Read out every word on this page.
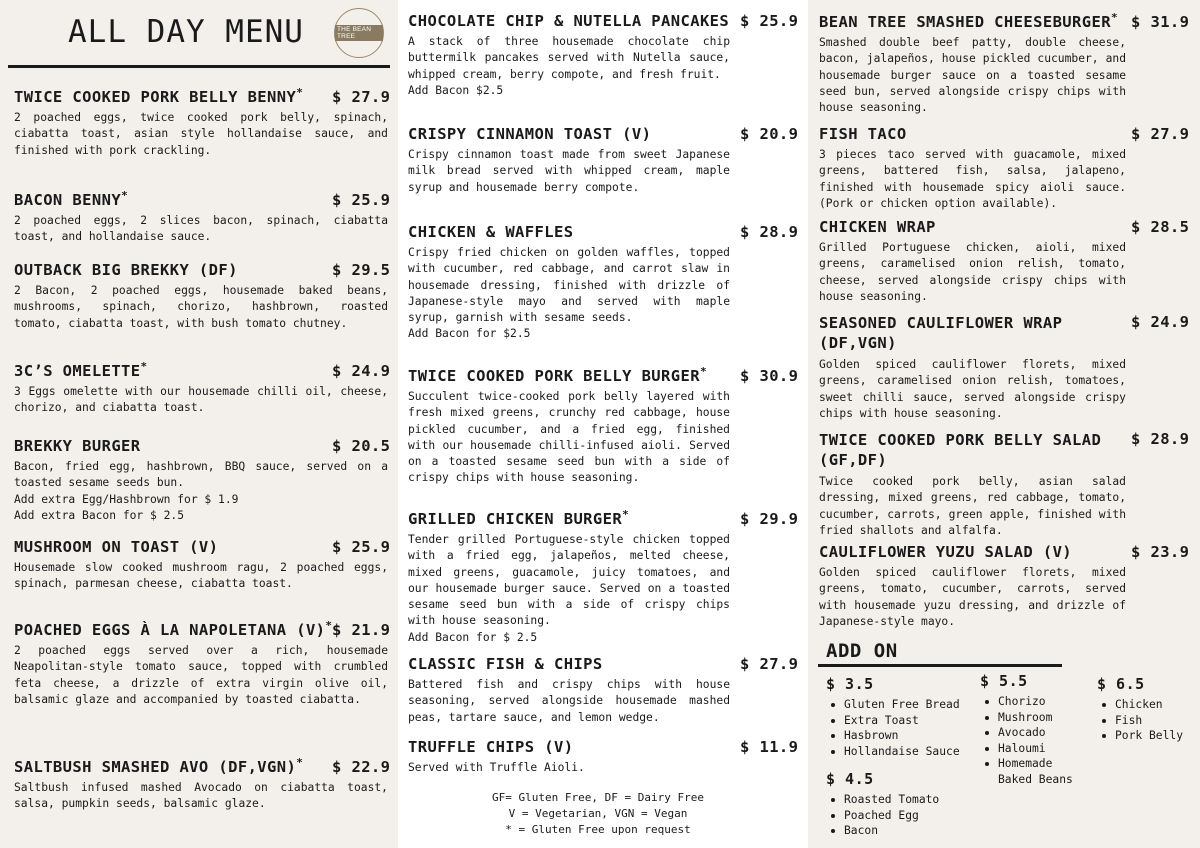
ALL DAY MENU	THE BEAN TREE
TWICE COOKED PORK BELLY BENNY* $ 27.9
2 poached eggs, twice cooked pork belly, spinach, ciabatta toast, asian style hollandaise sauce, and finished with pork crackling.
BACON BENNY*	$ 25.9
2 poached eggs, 2 slices bacon, spinach, ciabatta toast, and hollandaise sauce.
OUTBACK BIG BREKKY (DF)	$ 29.5
2 Bacon, 2 poached eggs, housemade baked beans, mushrooms, spinach, chorizo, hashbrown, roasted tomato, ciabatta toast, with bush tomato chutney.
3C’S OMELETTE*	$ 24.9
3 Eggs omelette with our housemade chilli oil, cheese, chorizo, and ciabatta toast.
BREKKY BURGER	$ 20.5
Bacon, fried egg, hashbrown, BBQ sauce, served on a toasted sesame seeds bun.
Add extra Egg/Hashbrown for $ 1.9
Add extra Bacon for $ 2.5
MUSHROOM ON TOAST (V)	$ 25.9
Housemade slow cooked mushroom ragu, 2 poached eggs, spinach, parmesan cheese, ciabatta toast.
POACHED EGGS À LA NAPOLETANA (V)* $ 21.9
2 poached eggs served over a rich, housemade Neapolitan-style tomato sauce, topped with crumbled feta cheese, a drizzle of extra virgin olive oil, balsamic glaze and accompanied by toasted ciabatta.
SALTBUSH SMASHED AVO (DF,VGN)* $ 22.9
Saltbush infused mashed Avocado on ciabatta toast, salsa, pumpkin seeds, balsamic glaze.
CHOCOLATE CHIP & NUTELLA PANCAKES $ 25.9
A stack of three housemade chocolate chip buttermilk pancakes served with Nutella sauce, whipped cream, berry compote, and fresh fruit.
Add Bacon $2.5
CRISPY CINNAMON TOAST (V)	$ 20.9
Crispy cinnamon toast made from sweet Japanese milk bread served with whipped cream, maple syrup and housemade berry compote.
CHICKEN & WAFFLES	$ 28.9
Crispy fried chicken on golden waffles, topped with cucumber, red cabbage, and carrot slaw in housemade dressing, finished with drizzle of Japanese-style mayo and served with maple syrup, garnish with sesame seeds.
Add Bacon for $2.5
TWICE COOKED PORK BELLY BURGER* $ 30.9
Succulent twice-cooked pork belly layered with fresh mixed greens, crunchy red cabbage, house pickled cucumber, and a fried egg, finished with our housemade chilli-infused aioli. Served on a toasted sesame seed bun with a side of crispy chips with house seasoning.
GRILLED CHICKEN BURGER*	$ 29.9
Tender grilled Portuguese-style chicken topped with a fried egg, jalapeños, melted cheese, mixed greens, guacamole, juicy tomatoes, and our housemade burger sauce. Served on a toasted sesame seed bun with a side of crispy chips with house seasoning.
Add Bacon for $ 2.5
CLASSIC FISH & CHIPS	$ 27.9
Battered fish and crispy chips with house seasoning, served alongside housemade mashed peas, tartare sauce, and lemon wedge.
TRUFFLE CHIPS (V)	$ 11.9
Served with Truffle Aioli.
BEAN TREE SMASHED CHEESEBURGER* $ 31.9
Smashed double beef patty, double cheese, bacon, jalapeños, house pickled cucumber, and housemade burger sauce on a toasted sesame seed bun, served alongside crispy chips with house seasoning.
FISH TACO	$ 27.9
3 pieces taco served with guacamole, mixed greens, battered fish, salsa, jalapeno, finished with housemade spicy aioli sauce. (Pork or chicken option available).
CHICKEN WRAP	$ 28.5
Grilled Portuguese chicken, aioli, mixed greens, caramelised onion relish, tomato, cheese, served alongside crispy chips with house seasoning.
SEASONED CAULIFLOWER WRAP
(DF,VGN)
$ 24.9
Golden spiced cauliflower florets, mixed greens, caramelised onion relish, tomatoes, sweet chilli sauce, served alongside crispy chips with house seasoning.
TWICE COOKED PORK BELLY SALAD
(GF,DF)
$ 28.9
Twice cooked pork belly, asian salad dressing, mixed greens, red cabbage, tomato, cucumber, carrots, green apple, finished with fried shallots and alfalfa.
CAULIFLOWER YUZU SALAD (V)	$ 23.9
Golden spiced cauliflower florets, mixed greens, tomato, cucumber, carrots, served with housemade yuzu dressing, and drizzle of Japanese-style mayo.
GF= Gluten Free, DF = Dairy Free
V = Vegetarian, VGN = Vegan
* = Gluten Free upon request
ADD ON
$ 3.5
Gluten Free Bread
Extra Toast
Hasbrown
Hollandaise Sauce
$ 5.5
Chorizo
Mushroom
Avocado
Haloumi
Homemade Baked Beans
$ 6.5
Chicken
Fish
Pork Belly
$ 4.5
Roasted Tomato
Poached Egg
Bacon
